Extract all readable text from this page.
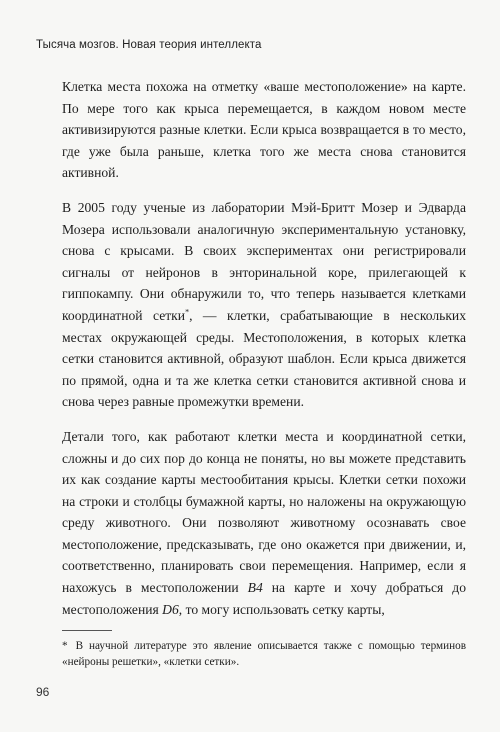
Тысяча мозгов. Новая теория интеллекта

Клетка места похожа на отметку «ваше местоположение» на карте. По мере того как крыса перемещается, в каждом новом месте активизируются разные клетки. Если крыса возвращается в то место, где уже была раньше, клетка того же места снова становится активной.

В 2005 году ученые из лаборатории Мэй-Бритт Мозер и Эдварда Мозера использовали аналогичную экспериментальную установку, снова с крысами. В своих экспериментах они регистрировали сигналы от нейронов в энторинальной коре, прилегающей к гиппокампу. Они обнаружили то, что теперь называется клетками координатной сетки*, — клетки, срабатывающие в нескольких местах окружающей среды. Местоположения, в которых клетка сетки становится активной, образуют шаблон. Если крыса движется по прямой, одна и та же клетка сетки становится активной снова и снова через равные промежутки времени.

Детали того, как работают клетки места и координатной сетки, сложны и до сих пор до конца не поняты, но вы можете представить их как создание карты местообитания крысы. Клетки сетки похожи на строки и столбцы бумажной карты, но наложены на окружающую среду животного. Они позволяют животному осознавать свое местоположение, предсказывать, где оно окажется при движении, и, соответственно, планировать свои перемещения. Например, если я нахожусь в местоположении B4 на карте и хочу добраться до местоположения D6, то могу использовать сетку карты,

* В научной литературе это явление описывается также с помощью терминов «нейроны решетки», «клетки сетки».
96
